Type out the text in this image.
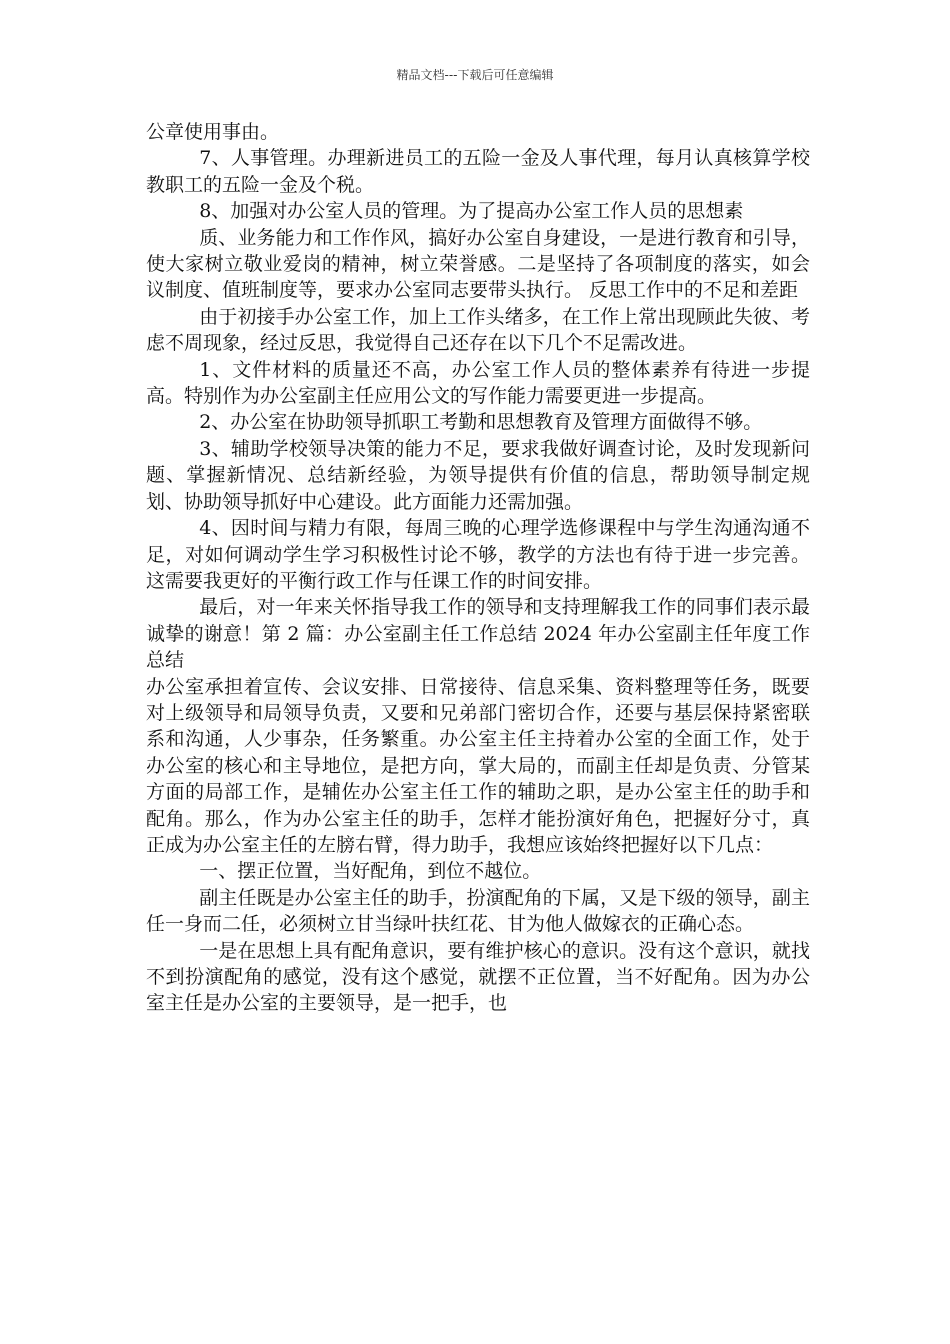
精品文档---下载后可任意编辑

公章使用事由。

7、人事管理。办理新进员工的五险一金及人事代理，每月认真核算学校教职工的五险一金及个税。

8、加强对办公室人员的管理。为了提高办公室工作人员的思想素

质、业务能力和工作作风，搞好办公室自身建设，一是进行教育和引导，使大家树立敬业爱岗的精神，树立荣誉感。二是坚持了各项制度的落实，如会议制度、值班制度等，要求办公室同志要带头执行。 反思工作中的不足和差距

由于初接手办公室工作，加上工作头绪多，在工作上常出现顾此失彼、考虑不周现象，经过反思，我觉得自己还存在以下几个不足需改进。

1、文件材料的质量还不高，办公室工作人员的整体素养有待进一步提高。特别作为办公室副主任应用公文的写作能力需要更进一步提高。

2、办公室在协助领导抓职工考勤和思想教育及管理方面做得不够。

3、辅助学校领导决策的能力不足，要求我做好调查讨论，及时发现新问题、掌握新情况、总结新经验，为领导提供有价值的信息，帮助领导制定规划、协助领导抓好中心建设。此方面能力还需加强。

4、因时间与精力有限，每周三晚的心理学选修课程中与学生沟通沟通不足，对如何调动学生学习积极性讨论不够，教学的方法也有待于进一步完善。这需要我更好的平衡行政工作与任课工作的时间安排。

最后，对一年来关怀指导我工作的领导和支持理解我工作的同事们表示最诚挚的谢意！第 2 篇：办公室副主任工作总结 2024 年办公室副主任年度工作总结

办公室承担着宣传、会议安排、日常接待、信息采集、资料整理等任务，既要对上级领导和局领导负责，又要和兄弟部门密切合作，还要与基层保持紧密联系和沟通，人少事杂，任务繁重。办公室主任主持着办公室的全面工作，处于办公室的核心和主导地位，是把方向，掌大局的，而副主任却是负责、分管某方面的局部工作，是辅佐办公室主任工作的辅助之职，是办公室主任的助手和配角。那么，作为办公室主任的助手，怎样才能扮演好角色，把握好分寸，真正成为办公室主任的左膀右臂，得力助手，我想应该始终把握好以下几点：

一、摆正位置，当好配角，到位不越位。

副主任既是办公室主任的助手，扮演配角的下属，又是下级的领导，副主任一身而二任，必须树立甘当绿叶扶红花、甘为他人做嫁衣的正确心态。

一是在思想上具有配角意识，要有维护核心的意识。没有这个意识，就找不到扮演配角的感觉，没有这个感觉，就摆不正位置，当不好配角。因为办公室主任是办公室的主要领导，是一把手，也
